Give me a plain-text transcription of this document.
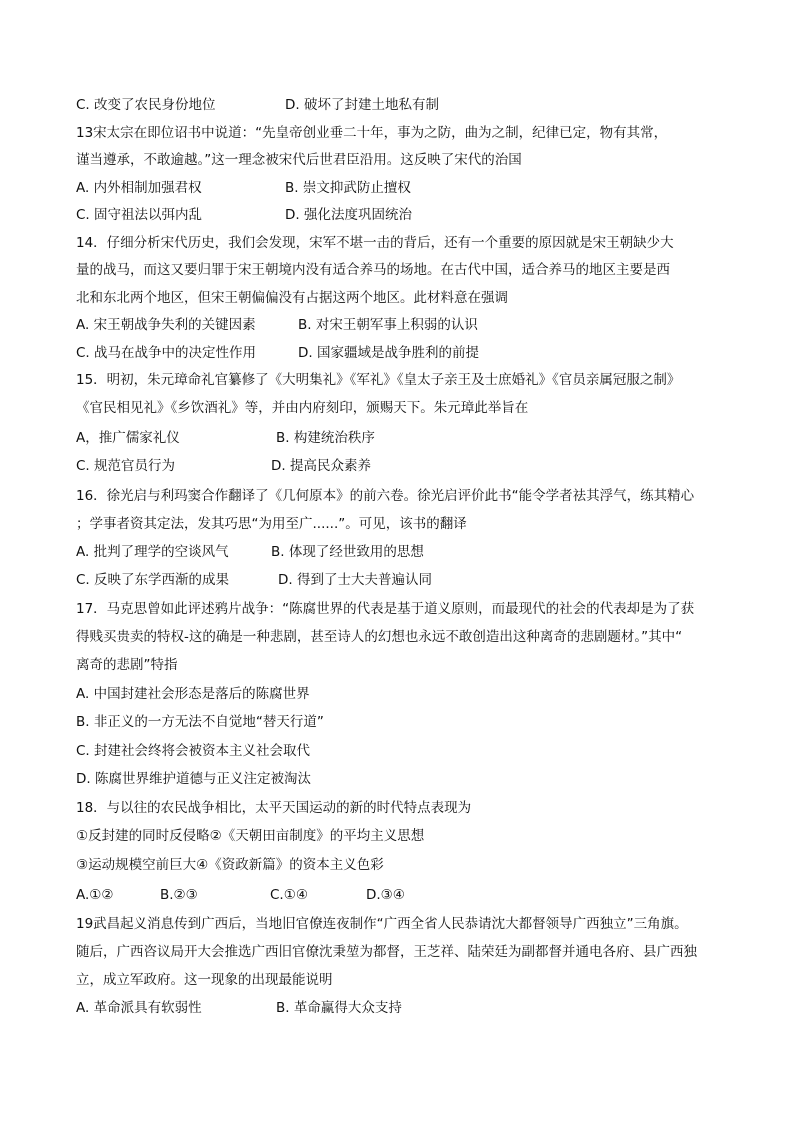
C. 改变了农民身份地位	D. 破坏了封建土地私有制
13宋太宗在即位诏书中说道：“先皇帝创业垂二十年，事为之防，曲为之制，纪律已定，物有其常，
谨当遵承，不敢逾越。”这一理念被宋代后世君臣沿用。这反映了宋代的治国
A. 内外相制加强君权	B. 崇文抑武防止擅权
C. 固守祖法以弭内乱	D. 强化法度巩固统治
14．仔细分析宋代历史，我们会发现，宋军不堪一击的背后，还有一个重要的原因就是宋王朝缺少大
量的战马，而这又要归罪于宋王朝境内没有适合养马的场地。在古代中国，适合养马的地区主要是西
北和东北两个地区，但宋王朝偏偏没有占据这两个地区。此材料意在强调
A. 宋王朝战争失利的关键因素	B. 对宋王朝军事上积弱的认识
C. 战马在战争中的决定性作用	D. 国家疆域是战争胜利的前提
15．明初，朱元璋命礼官纂修了《大明集礼》《军礼》《皇太子亲王及士庶婚礼》《官员亲属冠服之制》
《官民相见礼》《乡饮酒礼》等，并由内府刻印，颁赐天下。朱元璋此举旨在
A，推广儒家礼仪	B. 构建统治秩序
C. 规范官员行为	D. 提高民众素养
16．徐光启与利玛窦合作翻译了《几何原本》的前六卷。徐光启评价此书“能令学者祛其浮气，练其精心
；学事者资其定法，发其巧思“为用至广......”。可见，该书的翻译
A. 批判了理学的空谈风气	B. 体现了经世致用的思想
C. 反映了东学西渐的成果	D. 得到了士大夫普遍认同
17．马克思曾如此评述鸦片战争：“陈腐世界的代表是基于道义原则，而最现代的社会的代表却是为了获
得贱买贵卖的特权-这的确是一种悲剧，甚至诗人的幻想也永远不敢创造出这种离奇的悲剧题材。”其中“
离奇的悲剧”特指
A. 中国封建社会形态是落后的陈腐世界
B. 非正义的一方无法不自觉地“替天行道”
C. 封建社会终将会被资本主义社会取代
D. 陈腐世界维护道德与正义注定被淘汰
18．与以往的农民战争相比，太平天国运动的新的时代特点表现为
①反封建的同时反侵略②《天朝田亩制度》的平均主义思想
③运动规模空前巨大④《资政新篇》的资本主义色彩
A.①②	B.②③	C.①④	D.③④
19武昌起义消息传到广西后，当地旧官僚连夜制作“广西全省人民恭请沈大都督领导广西独立”三角旗。
随后，广西咨议局开大会推选广西旧官僚沈秉堃为都督，王芝祥、陆荣廷为副都督并通电各府、县广西独
立，成立军政府。这一现象的出现最能说明
A. 革命派具有软弱性	B. 革命赢得大众支持
